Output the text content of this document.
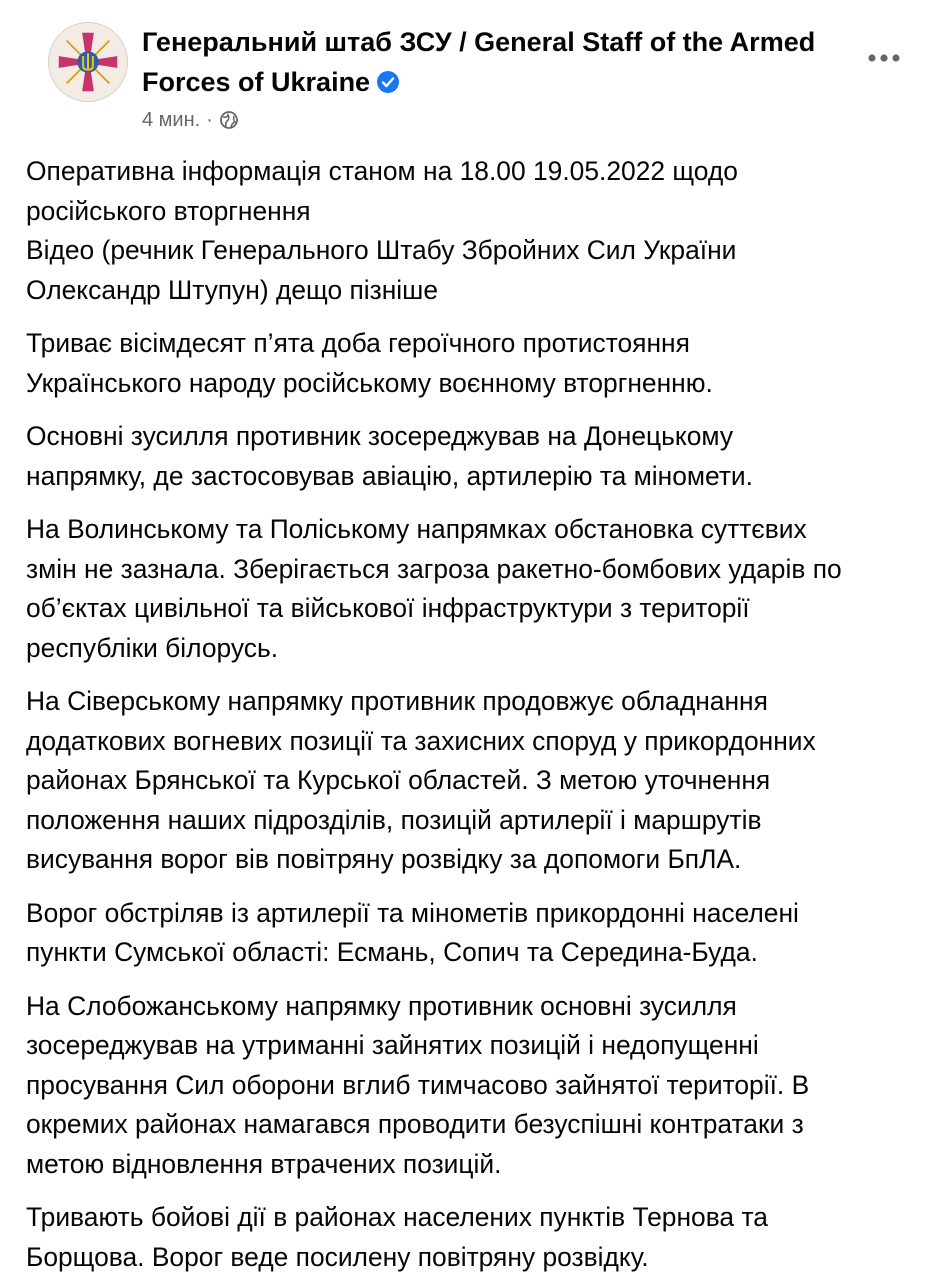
Генеральний штаб ЗСУ / General Staff of the Armed Forces of Ukraine
4 мин. ·

Оперативна інформація станом на 18.00 19.05.2022 щодо
російського вторгнення
Відео (речник Генерального Штабу Збройних Сил України
Олександр Штупун) дещо пізніше

Триває вісімдесят п’ята доба героїчного протистояння
Українського народу російському воєнному вторгненню.

Основні зусилля противник зосереджував на Донецькому
напрямку, де застосовував авіацію, артилерію та міномети.

На Волинському та Поліському напрямках обстановка суттєвих
змін не зазнала. Зберігається загроза ракетно-бомбових ударів по
об’єктах цивільної та військової інфраструктури з території
республіки білорусь.

На Сіверському напрямку противник продовжує обладнання
додаткових вогневих позиції та захисних споруд у прикордонних
районах Брянської та Курської областей. З метою уточнення
положення наших підрозділів, позицій артилерії і маршрутів
висування ворог вів повітряну розвідку за допомоги БпЛА.

Ворог обстріляв із артилерії та мінометів прикордонні населені
пункти Сумської області: Есмань, Сопич та Середина-Буда.

На Слобожанському напрямку противник основні зусилля
зосереджував на утриманні зайнятих позицій і недопущенні
просування Сил оборони вглиб тимчасово зайнятої території. В
окремих районах намагався проводити безуспішні контратаки з
метою відновлення втрачених позицій.

Тривають бойові дії в районах населених пунктів Тернова та
Борщова. Ворог веде посилену повітряну розвідку.
